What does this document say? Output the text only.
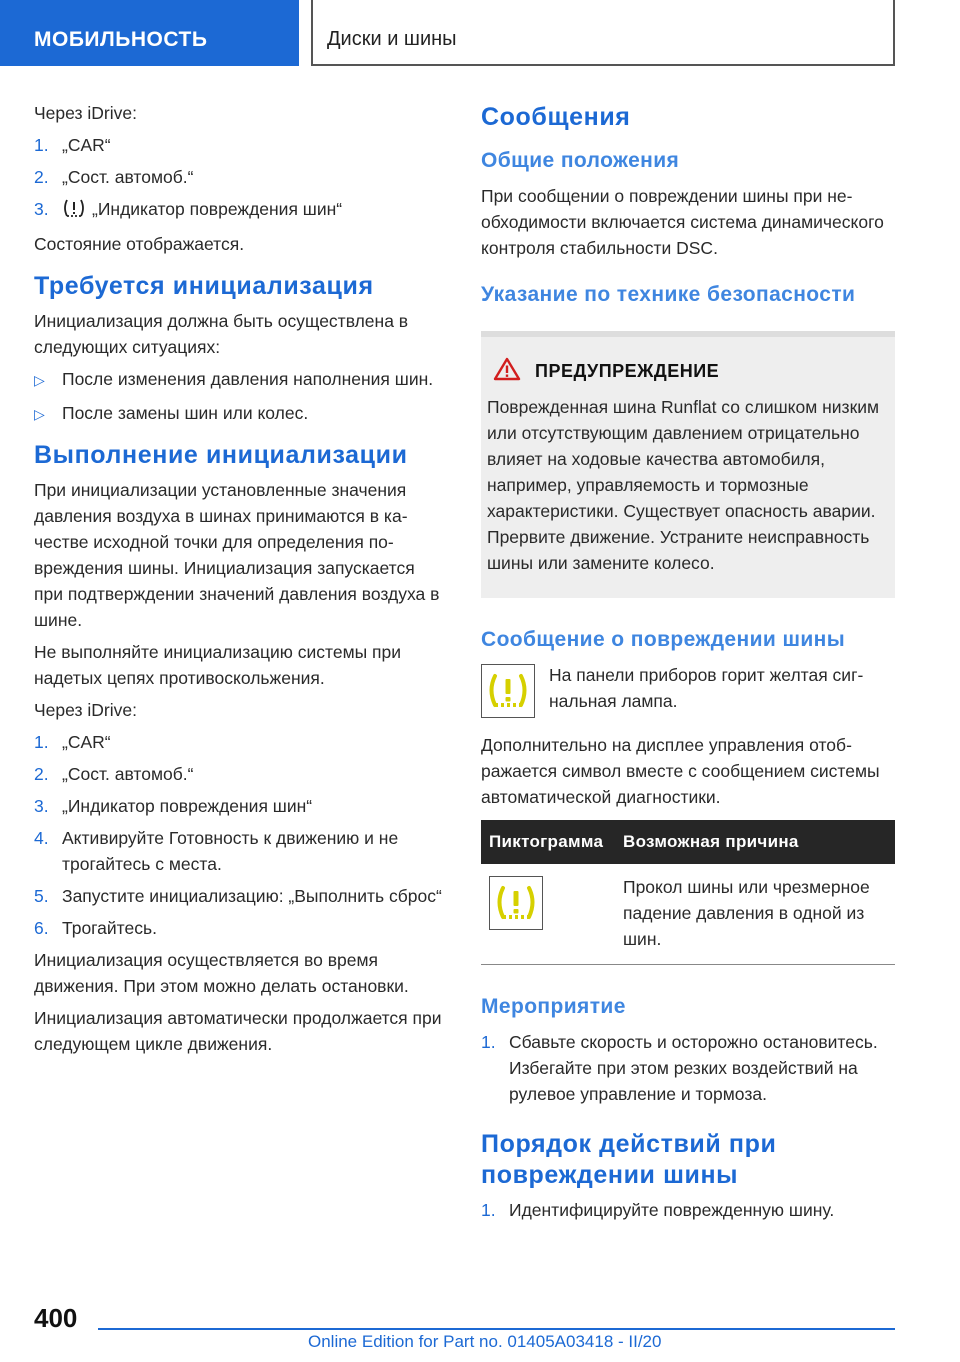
МОБИЛЬНОСТЬ	Диски и шины

Через iDrive:

1. „CAR“
2. „Сост. автомоб.“
3. „Индикатор повреждения шин“

Состояние отображается.

Требуется инициализация

Инициализация должна быть осуществлена в следующих ситуациях:

▷ После изменения давления наполнения шин.
▷ После замены шин или колес.
Выполнение инициализации

При инициализации установленные значения давления воздуха в шинах принимаются в качестве исходной точки для определения повреждения шины. Инициализация запускается при подтверждении значений давления воздуха в шине.

Не выполняйте инициализацию системы при надетых цепях противоскольжения.

Через iDrive:

1. „CAR“
2. „Сост. автомоб.“
3. „Индикатор повреждения шин“
4. Активируйте Готовность к движению и не трогайтесь с места.
5. Запустите инициализацию: „Выполнить сброс“
6. Трогайтесь.

Инициализация осуществляется во время движения. При этом можно делать остановки.

Инициализация автоматически продолжается при следующем цикле движения.

Сообщения
Общие положения

При сообщении о повреждении шины при необходимости включается система динамического контроля стабильности DSC.

Указание по технике безопасности
ПРЕДУПРЕЖДЕНИЕ

Поврежденная шина Runflat со слишком низким или отсутствующим давлением отрицательно влияет на ходовые качества автомобиля, например, управляемость и тормозные характеристики. Существует опасность аварии. Прервите движение. Устраните неисправность шины или замените колесо.

Сообщение о повреждении шины

На панели приборов горит желтая сигнальная лампа.

Дополнительно на дисплее управления отображается символ вместе с сообщением системы автоматической диагностики.

Пиктограмма	Возможная причина

	Прокол шины или чрезмерное падение давления в одной из шин.
Мероприятие
1. Сбавьте скорость и осторожно остановитесь. Избегайте при этом резких воздействий на рулевое управление и тормоза.
Порядок действий при повреждении шины
1. Идентифицируйте поврежденную шину.
400
Online Edition for Part no. 01405A03418 - II/20
